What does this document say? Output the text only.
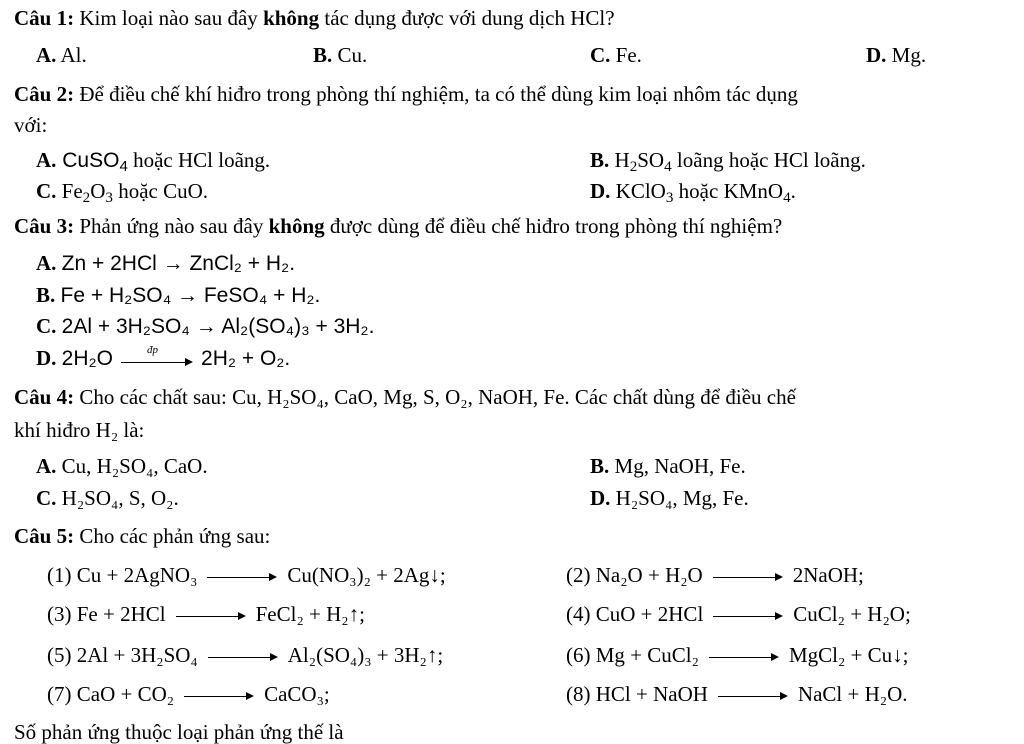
Câu 1: Kim loại nào sau đây không tác dụng được với dung dịch HCl?
A. Al.	B. Cu.	C. Fe.	D. Mg.
Câu 2: Để điều chế khí hiđro trong phòng thí nghiệm, ta có thể dùng kim loại nhôm tác dụng
với:
A. CuSO$_4$ hoặc HCl loãng.	B. $H_2SO_4$ loãng hoặc HCl loãng.
C. $Fe_2O_3$ hoặc CuO.	D. KClO$_3$ hoặc KMnO$_4$.
Câu 3: Phản ứng nào sau đây không được dùng để điều chế hiđro trong phòng thí nghiệm?
A. Zn + 2HCl → ZnCl₂ + H₂.
B. Fe + H₂SO₄ → FeSO₄ + H₂.
C. 2Al + 3H₂SO₄ → Al₂(SO₄)₃ + 3H₂.
D. 2H₂O	đp 2H₂ + O₂.
Câu 4: Cho các chất sau: Cu, H₂SO₄, CaO, Mg, S, O₂, NaOH, Fe. Các chất dùng để điều chế
khí hiđro H₂ là:
A. Cu, H₂SO₄, CaO.	B. Mg, NaOH, Fe.
C. H₂SO₄, S, O₂.	D. H₂SO₄, Mg, Fe.
Câu 5: Cho các phản ứng sau:
(1) Cu + 2AgNO₃	Cu(NO₃)₂ + 2Ag↓;	(2) Na₂O + H₂O	2NaOH;
(3) Fe + 2HCl	FeCl₂ + H₂↑;	(4) CuO + 2HCl	CuCl₂ + H₂O;
(5) 2Al + 3H₂SO₄	Al₂(SO₄)₃ + 3H₂↑;	(6) Mg + CuCl₂	MgCl₂ + Cu↓;
(7) CaO + CO₂	CaCO₃;	(8) HCl + NaOH	NaCl + H₂O.
Số phản ứng thuộc loại phản ứng thế là
